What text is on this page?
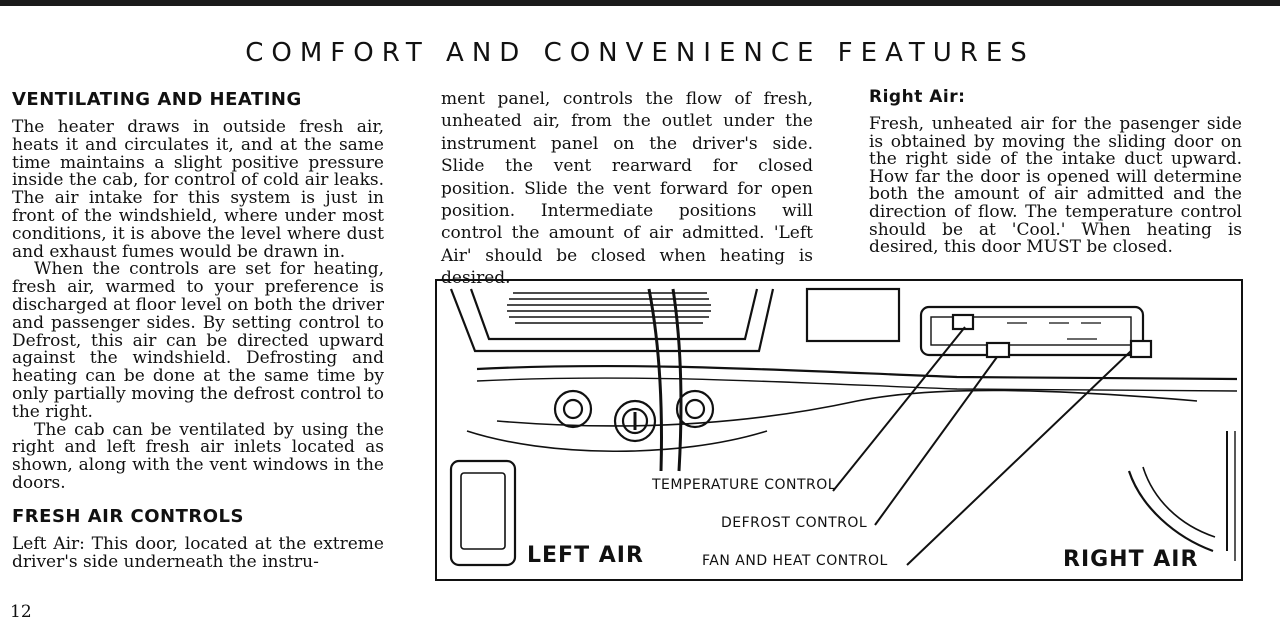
COMFORT AND CONVENIENCE FEATURES
VENTILATING AND HEATING

The heater draws in outside fresh air, heats it and circulates it, and at the same time maintains a slight positive pressure inside the cab, for control of cold air leaks. The air intake for this system is just in front of the windshield, where under most conditions, it is above the level where dust and exhaust fumes would be drawn in.

When the controls are set for heating, fresh air, warmed to your preference is discharged at floor level on both the driver and passenger sides. By setting control to Defrost, this air can be directed upward against the windshield. Defrosting and heating can be done at the same time by only partially moving the defrost control to the right.

The cab can be ventilated by using the right and left fresh air inlets located as shown, along with the vent windows in the doors.

FRESH AIR CONTROLS

Left Air: This door, located at the extreme driver's side underneath the instru-

ment panel, controls the flow of fresh, unheated air, from the outlet under the instrument panel on the driver's side. Slide the vent rearward for closed position. Slide the vent forward for open position. Intermediate positions will control the amount of air admitted. 'Left Air' should be closed when heating is desired.

Right Air:

Fresh, unheated air for the pasenger side is obtained by moving the sliding door on the right side of the intake duct upward. How far the door is opened will determine both the amount of air admitted and the direction of flow. The temperature control should be at 'Cool.' When heating is desired, this door MUST be closed.

TEMPERATURE CONTROL
DEFROST CONTROL
FAN AND HEAT CONTROL
LEFT AIR	RIGHT AIR

12
